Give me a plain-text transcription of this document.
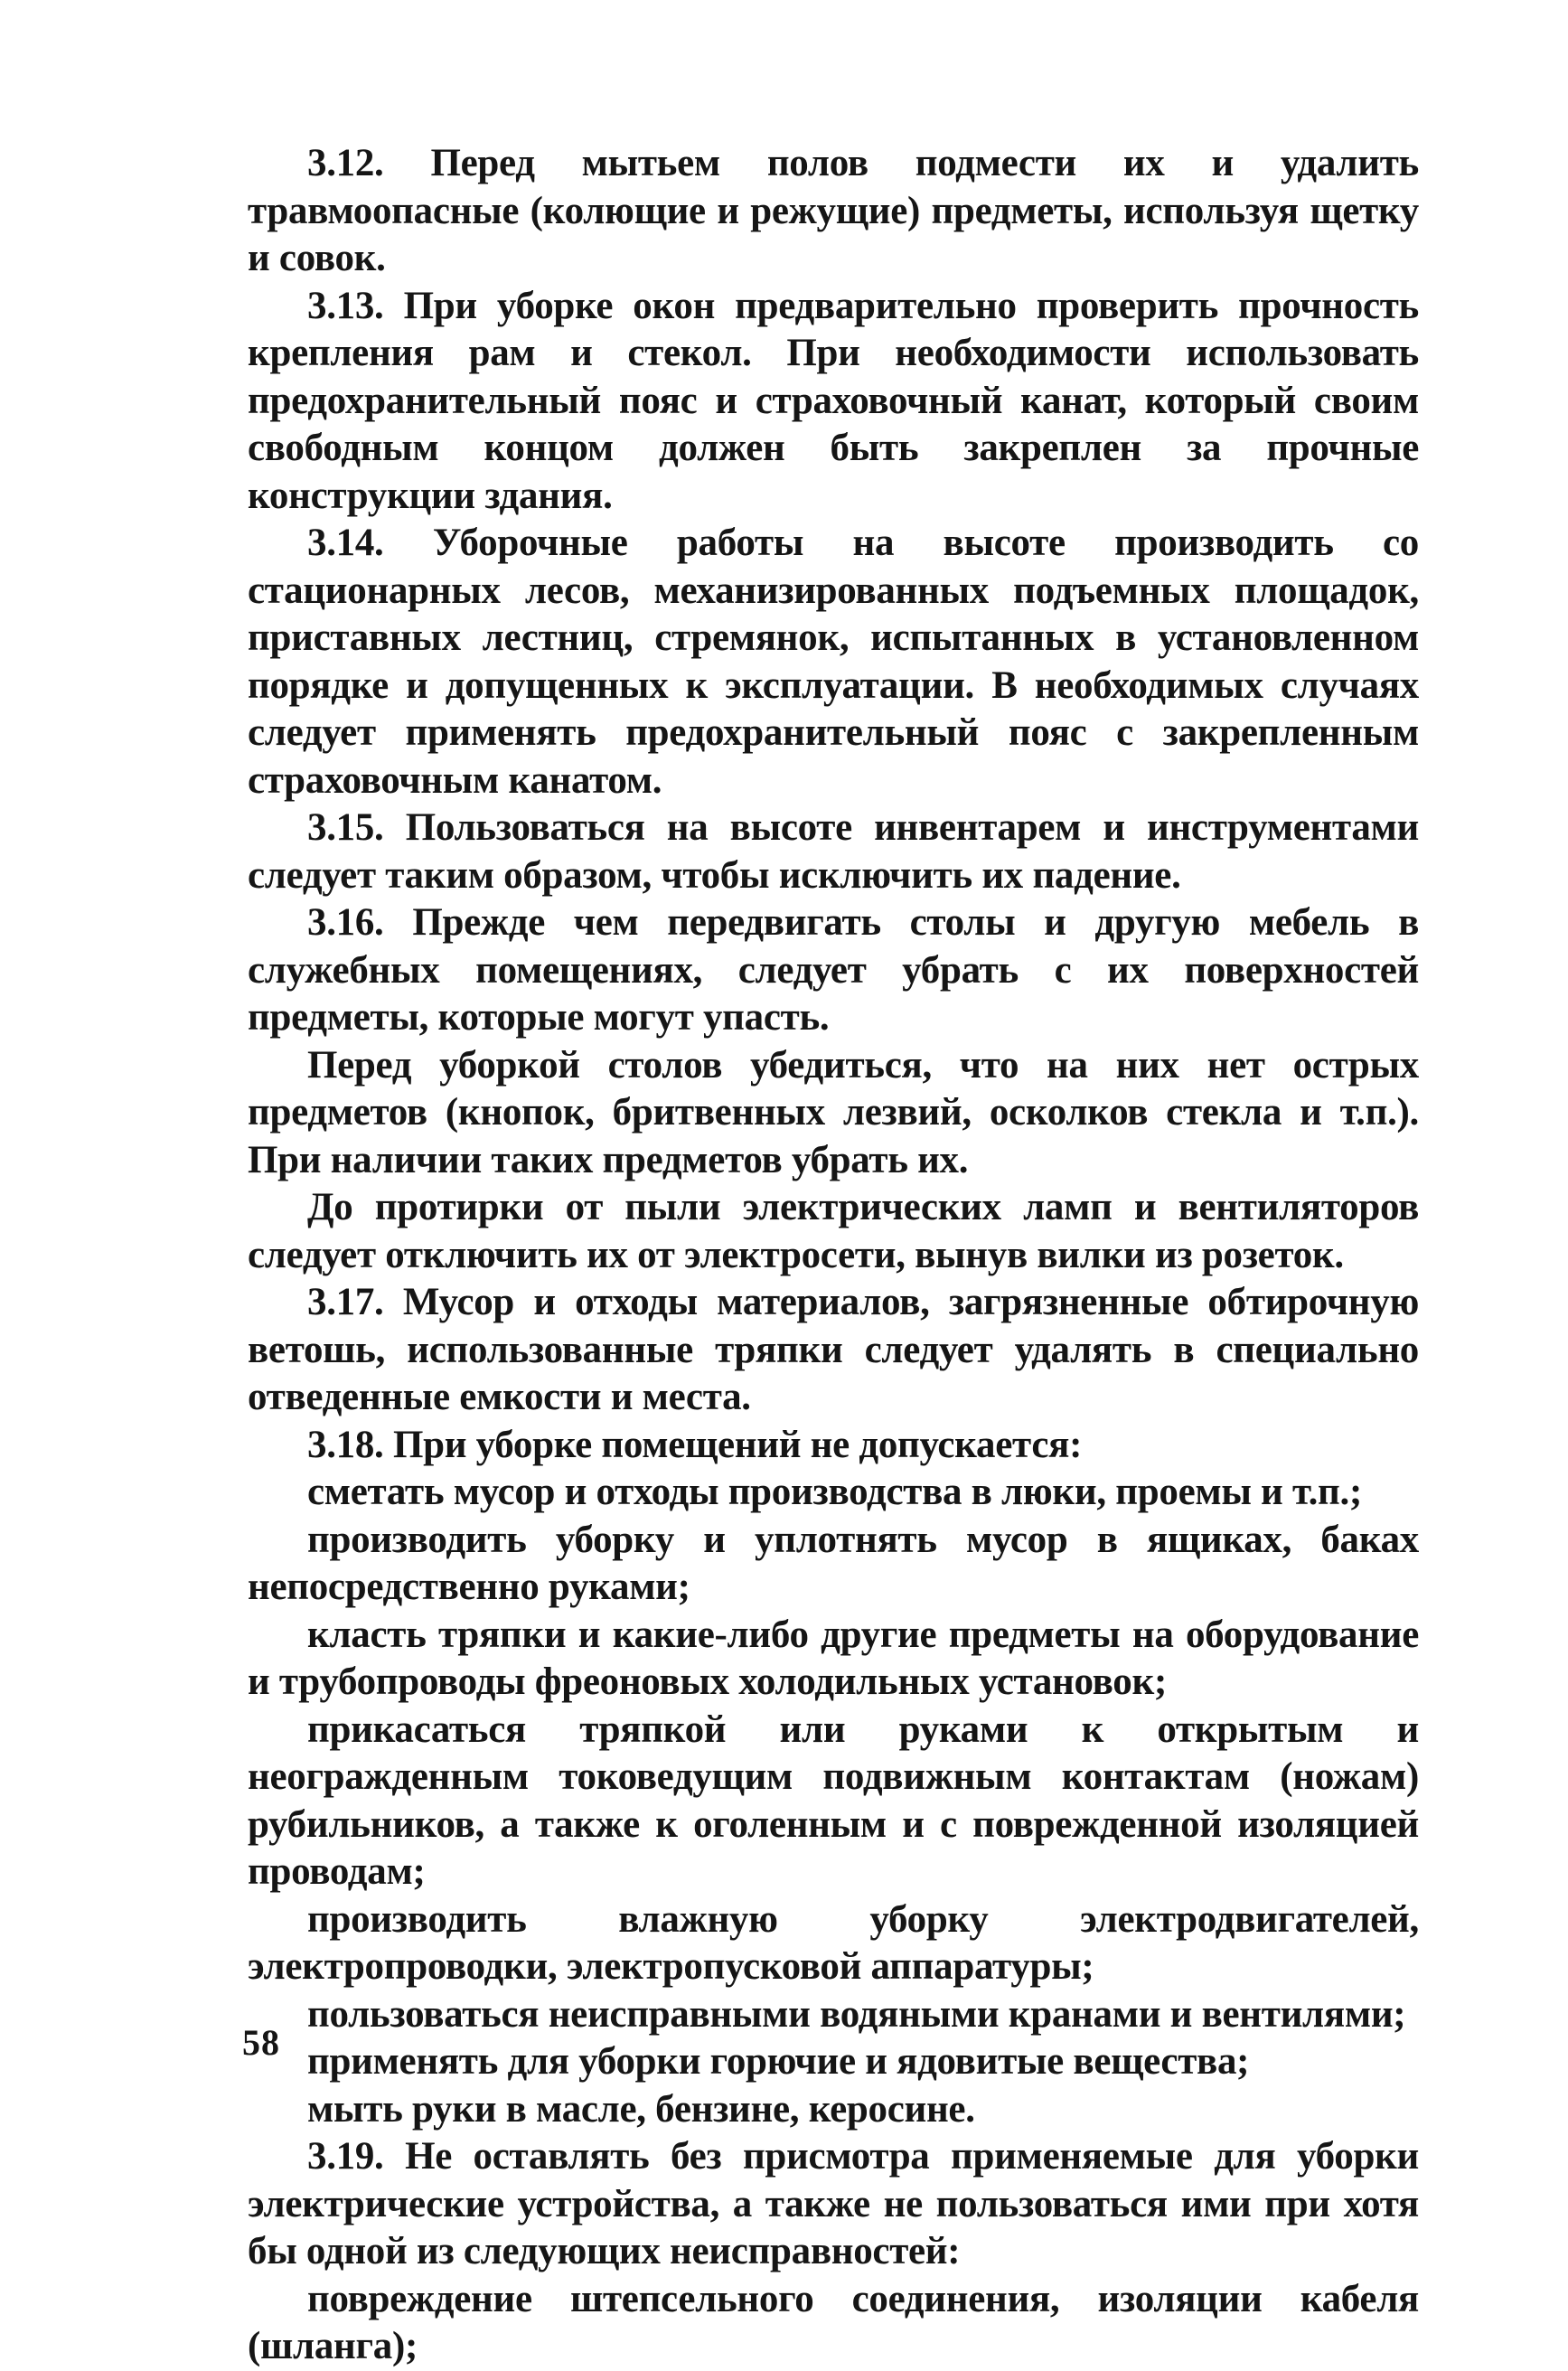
3.12. Перед мытьем полов подмести их и удалить травмоопасные (колющие и режущие) предметы, используя щетку и совок.

3.13. При уборке окон предварительно проверить прочность крепления рам и стекол. При необходимости использовать предохранительный пояс и страховочный канат, который своим свободным концом должен быть закреплен за прочные конструкции здания.

3.14. Уборочные работы на высоте производить со стационарных лесов, механизированных подъемных площадок, приставных лестниц, стремянок, испытанных в установленном порядке и допущенных к эксплуатации. В необходимых случаях следует применять предохранительный пояс с закрепленным страховочным канатом.

3.15. Пользоваться на высоте инвентарем и инструментами следует таким образом, чтобы исключить их падение.

3.16. Прежде чем передвигать столы и другую мебель в служебных помещениях, следует убрать с их поверхностей предметы, которые могут упасть.

Перед уборкой столов убедиться, что на них нет острых предметов (кнопок, бритвенных лезвий, осколков стекла и т.п.). При наличии таких предметов убрать их.

До протирки от пыли электрических ламп и вентиляторов следует отключить их от электросети, вынув вилки из розеток.

3.17. Мусор и отходы материалов, загрязненные обтирочную ветошь, использованные тряпки следует удалять в специально отведенные емкости и места.

3.18. При уборке помещений не допускается:

сметать мусор и отходы производства в люки, проемы и т.п.;

производить уборку и уплотнять мусор в ящиках, баках непосредственно руками;

класть тряпки и какие-либо другие предметы на оборудование и трубопроводы фреоновых холодильных установок;

прикасаться тряпкой или руками к открытым и неогражденным токоведущим подвижным контактам (ножам) рубильников, а также к оголенным и с поврежденной изоляцией проводам;

производить влажную уборку электродвигателей, электропроводки, электропусковой аппаратуры;

пользоваться неисправными водяными кранами и вентилями;

применять для уборки горючие и ядовитые вещества;

мыть руки в масле, бензине, керосине.

3.19. Не оставлять без присмотра применяемые для уборки электрические устройства, а также не пользоваться ими при хотя бы одной из следующих неисправностей:

повреждение штепсельного соединения, изоляции кабеля (шланга);

58
